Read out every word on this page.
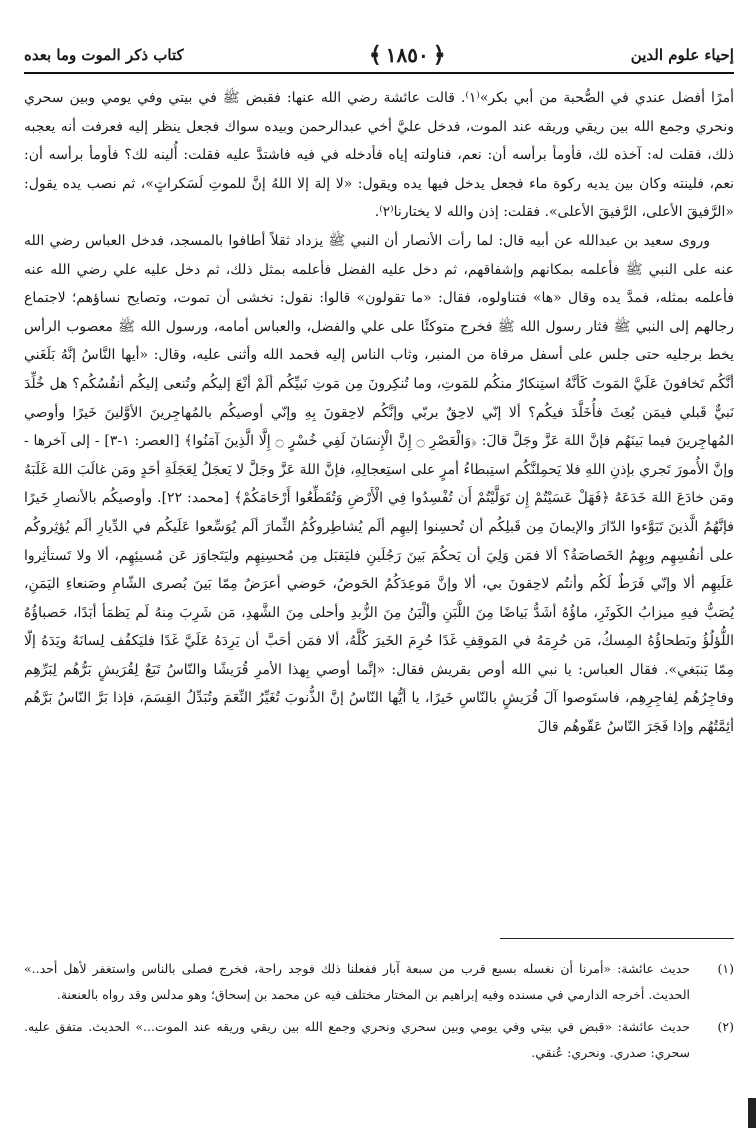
كتاب ذكر الموت وما بعده	﴿١٨٥٠﴾	إحياء علوم الدين

أمرًا أفضل عندي في الصُّحبة من أبي بكر»⁽١⁾. قالت عائشة رضي الله عنها: فقبض ﷺ في بيتي وفي يومي وبين سحري ونحري وجمع الله بين ريقي وريقه عند الموت، فدخل عليَّ أخي عبدالرحمن وبيده سواك فجعل ينظر إليه فعرفت أنه يعجبه ذلك، فقلت له: آخذه لك، فأومأ برأسه أن: نعم، فناولته إياه فأدخله في فيه فاشتدَّ عليه فقلت: أُلينه لك؟ فأومأ برأسه أن: نعم، فلينته وكان بين يديه ركوة ماء فجعل يدخل فيها يده ويقول: «لا إلهَ إلا اللهُ إنَّ للموتِ لَسَكراتٍ»، ثم نصب يده يقول: «الرَّفيقَ الأعلى، الرَّفيقَ الأعلى». فقلت: إذن والله لا يختارنا⁽٢⁾.

وروى سعيد بن عبدالله عن أبيه قال: لما رأت الأنصار أن النبي ﷺ يزداد ثقلاً أطافوا بالمسجد، فدخل العباس رضي الله عنه على النبي ﷺ فأعلمه بمكانهم وإشفاقهم، ثم دخل عليه الفضل فأعلمه بمثل ذلك، ثم دخل عليه علي رضي الله عنه فأعلمه بمثله، فمدَّ يده وقال «ها» فتناولوه، فقال: «ما تقولون» قالوا: نقول: نخشى أن تموت، وتصايح نساؤهم؛ لاجتماع رجالهم إلى النبي ﷺ فثار رسول الله ﷺ فخرج متوكئًا على علي والفضل، والعباس أمامه، ورسول الله ﷺ معصوب الرأس يخط برجليه حتى جلس على أسفل مرقاة من المنبر، وثاب الناس إليه فحمد الله وأثنى عليه، وقال: «أيها النَّاسُ إنَّهُ بَلَغَني أنَّكُم تَخافونَ عَلَيَّ المَوتَ كَأنَّهُ استِنكارٌ منكُم للمَوتِ، وما تُنكِرونَ مِن مَوتِ نَبيِّكُم ألَمْ أنْعَ إليكُم وتُنعى إليكُم أنفُسُكُم؟ هل خُلِّدَ نَبيٌّ قَبلي فيمَن بُعِثَ فأُخَلَّدَ فيكُم؟ ألا إنّي لاحِقٌ بربّي وإنَّكُم لاحِقونَ بِهِ وإنّي أوصيكُم بالمُهاجِرينَ الأوَّلينَ خَيرًا وأوصي المُهاجِرينَ فيما بَينَهُم فإنَّ اللهَ عَزَّ وجَلَّ قالَ: ﴿وَالْعَصْرِ ۝ إِنَّ الْإِنسَانَ لَفِي خُسْرٍ ۝ إِلَّا الَّذِينَ آمَنُوا﴾ [العصر: ١-٣] - إلى آخرها - وإنَّ الأُمورَ تَجري بإذنِ اللهِ فلا يَحمِلنَّكُم استِبطاءُ أمرٍ على استِعجالِهِ، فإنَّ اللهَ عَزَّ وجَلَّ لا يَعجَلُ لِعَجَلَةِ أحَدٍ ومَن غالَبَ اللهَ غَلَبَهُ ومَن خادَعَ اللهَ خَدَعَهُ ﴿فَهَلْ عَسَيْتُمْ إِن تَوَلَّيْتُمْ أَن تُفْسِدُوا فِي الْأَرْضِ وَتُقَطِّعُوا أَرْحَامَكُمْ﴾ [محمد: ٢٢]. وأوصيكُم بالأنصارِ خَيرًا فإنَّهُمُ الَّذينَ تَبَوَّءوا الدّارَ والإيمانَ مِن قَبلِكُم أن تُحسِنوا إليهِم ألَم يُشاطِروكُمُ الثِّمارَ ألَم يُوَسِّعوا عَلَيكُم في الدِّيارِ ألَم يُؤثِروكُم على أنفُسِهِم وبِهِمُ الخَصاصَةُ؟ ألا فمَن وَلِيَ أن يَحكُمَ بَينَ رَجُلَينِ فليَقبَل مِن مُحسِنِهِم وليَتَجاوَز عَن مُسيئِهِم، ألا ولا تَستأثِروا عَلَيهِم ألا وإنّي فَرَطٌ لَكُم وأنتُم لاحِقونَ بي، ألا وإنَّ مَوعِدَكُمُ الحَوضُ، حَوضي أعرَضُ مِمّا بَينَ بُصرى الشّامِ وصَنعاءِ اليَمَنِ، يُصَبُّ فيهِ ميزابُ الكَوثَرِ، ماؤُهُ أشَدُّ بَياضًا مِنَ اللَّبَنِ وألْيَنُ مِنَ الزُّبدِ وأحلى مِنَ الشَّهدِ، مَن شَرِبَ مِنهُ لَم يَظمَأ أبَدًا، حَصباؤُهُ اللُّؤلُؤُ وبَطحاؤُهُ المِسكُ، مَن حُرِمَهُ في المَوقِفِ غَدًا حُرِمَ الخَيرَ كُلَّهُ، ألا فمَن أحَبَّ أن يَرِدَهُ عَلَيَّ غَدًا فليَكفُف لِسانَهُ ويَدَهُ إلّا مِمّا يَنبَغي». فقال العباس: يا نبي الله أوص بقريش فقال: «إنَّما أوصي بِهذا الأمرِ قُرَيشًا والنّاسُ تَبَعٌ لِقُرَيشٍ بَرُّهُم لِبَرِّهِم وفاجِرُهُم لِفاجِرِهِم، فاستَوصوا آلَ قُرَيشٍ بالنّاسِ خَيرًا، يا أيُّها النّاسُ إنَّ الذُّنوبَ تُغَيِّرُ النِّعَمَ وتُبَدِّلُ القِسَمَ، فإذا بَرَّ النّاسُ بَرَّهُم أئِمَّتُهُم وإذا فَجَرَ النّاسُ عَقّوهُم قالَ

(١)
حديث عائشة: «أمرنا أن نغسله بسبع قرب من سبعة آبار ففعلنا ذلك فوجد راحة، فخرج فصلى بالناس واستغفر لأهل أحد..» الحديث. أخرجه الدارمي في مسنده وفيه إبراهيم بن المختار مختلف فيه عن محمد بن إسحاق؛ وهو مدلس وقد رواه بالعنعنة.
(٢)
حديث عائشة: «قبض في بيتي وفي يومي وبين سحري ونحري وجمع الله بين ريقي وريقه عند الموت...» الحديث. متفق عليه. سحري: صدري. ونحري: عُنقي.
